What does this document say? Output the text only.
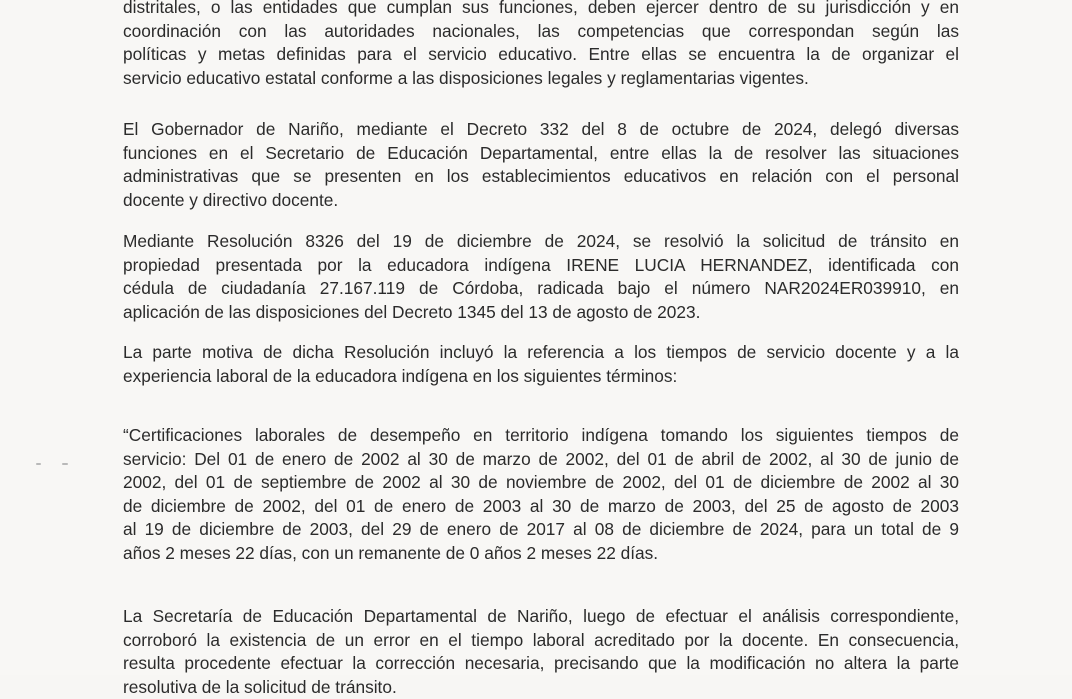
distritales, o las entidades que cumplan sus funciones, deben ejercer dentro de su jurisdicción y en
coordinación con las autoridades nacionales, las competencias que correspondan según las
políticas y metas definidas para el servicio educativo. Entre ellas se encuentra la de organizar el
servicio educativo estatal conforme a las disposiciones legales y reglamentarias vigentes.
El Gobernador de Nariño, mediante el Decreto 332 del 8 de octubre de 2024, delegó diversas
funciones en el Secretario de Educación Departamental, entre ellas la de resolver las situaciones
administrativas que se presenten en los establecimientos educativos en relación con el personal
docente y directivo docente.
Mediante Resolución 8326 del 19 de diciembre de 2024, se resolvió la solicitud de tránsito en
propiedad presentada por la educadora indígena IRENE LUCIA HERNANDEZ, identificada con
cédula de ciudadanía 27.167.119 de Córdoba, radicada bajo el número NAR2024ER039910, en
aplicación de las disposiciones del Decreto 1345 del 13 de agosto de 2023.
La parte motiva de dicha Resolución incluyó la referencia a los tiempos de servicio docente y a la
experiencia laboral de la educadora indígena en los siguientes términos:
“Certificaciones laborales de desempeño en territorio indígena tomando los siguientes tiempos de
servicio: Del 01 de enero de 2002 al 30 de marzo de 2002, del 01 de abril de 2002, al 30 de junio de
2002, del 01 de septiembre de 2002 al 30 de noviembre de 2002, del 01 de diciembre de 2002 al 30
de diciembre de 2002, del 01 de enero de 2003 al 30 de marzo de 2003, del 25 de agosto de 2003
al 19 de diciembre de 2003, del 29 de enero de 2017 al 08 de diciembre de 2024, para un total de 9
años 2 meses 22 días, con un remanente de 0 años 2 meses 22 días.
La Secretaría de Educación Departamental de Nariño, luego de efectuar el análisis correspondiente,
corroboró la existencia de un error en el tiempo laboral acreditado por la docente. En consecuencia,
resulta procedente efectuar la corrección necesaria, precisando que la modificación no altera la parte
resolutiva de la solicitud de tránsito.
